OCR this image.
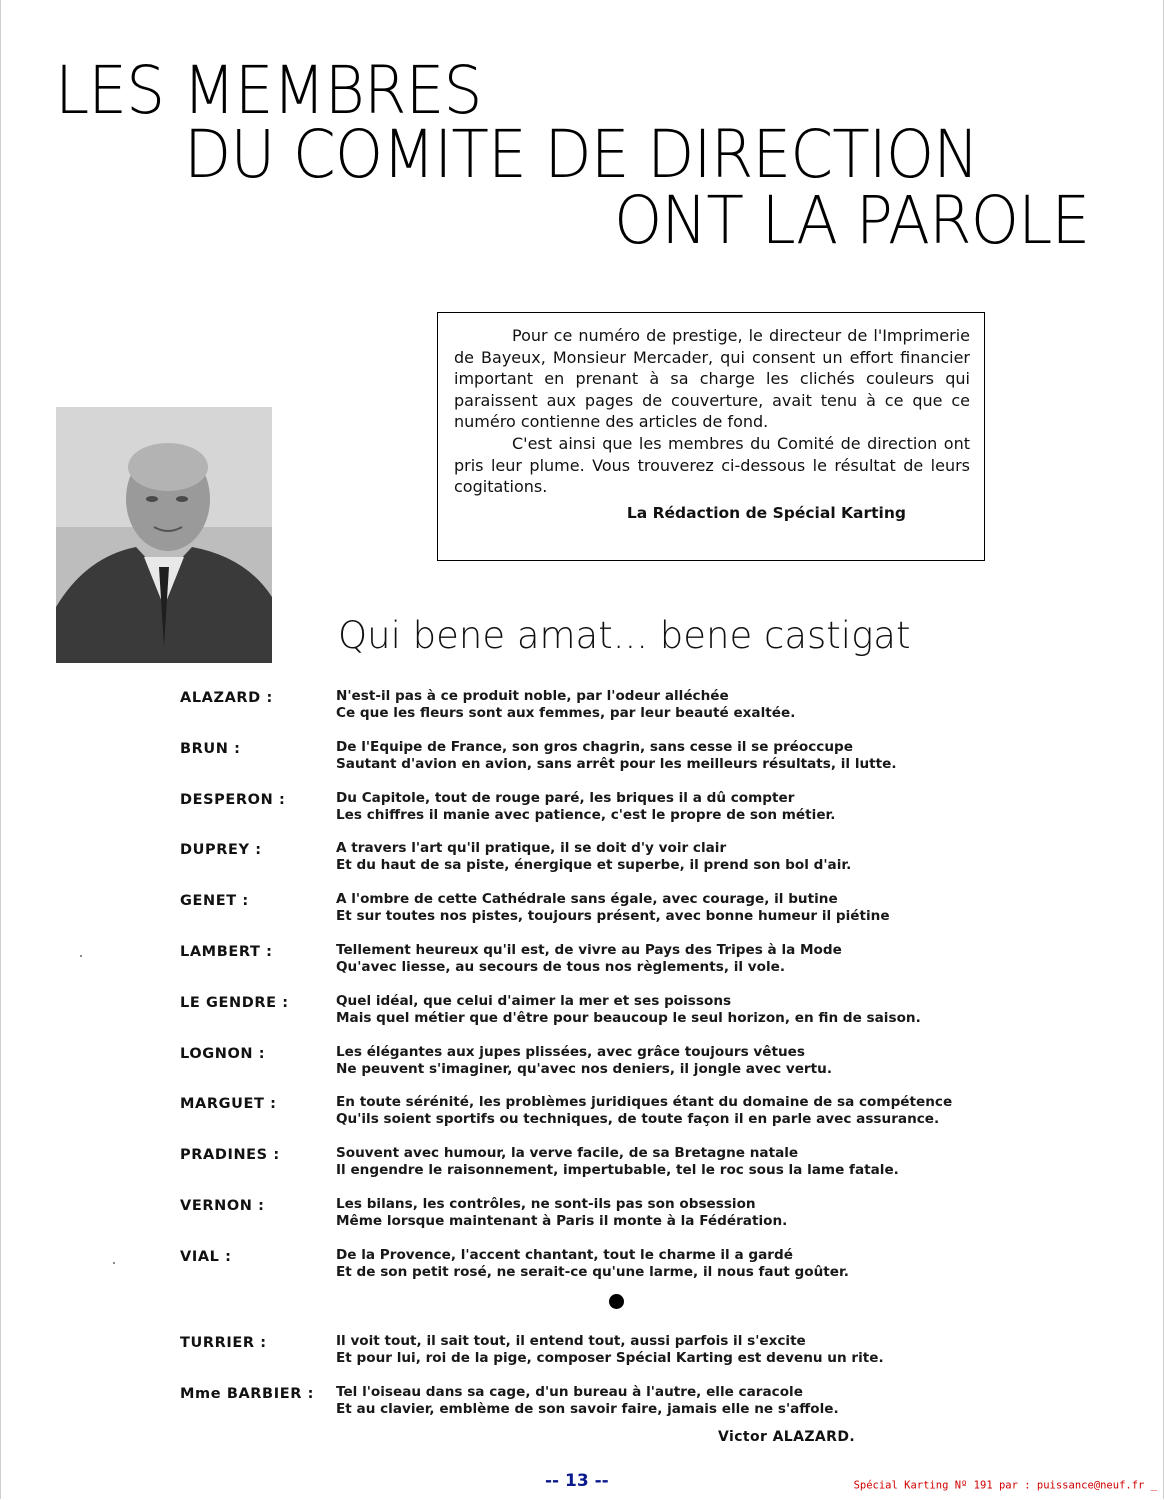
LES MEMBRES
DU COMITE DE DIRECTION
ONT LA PAROLE

Pour ce numéro de prestige, le directeur de l'Imprimerie de Bayeux, Monsieur Mercader, qui consent un effort financier important en prenant à sa charge les clichés couleurs qui paraissent aux pages de couverture, avait tenu à ce que ce numéro contienne des articles de fond.

C'est ainsi que les membres du Comité de direction ont pris leur plume. Vous trouverez ci-dessous le résultat de leurs cogitations.

La Rédaction de Spécial Karting
Qui bene amat... bene castigat
ALAZARD :	N'est-il pas à ce produit noble, par l'odeur alléchée
Ce que les fleurs sont aux femmes, par leur beauté exaltée.
BRUN :	De l'Equipe de France, son gros chagrin, sans cesse il se préoccupe
Sautant d'avion en avion, sans arrêt pour les meilleurs résultats, il lutte.
DESPERON :	Du Capitole, tout de rouge paré, les briques il a dû compter
Les chiffres il manie avec patience, c'est le propre de son métier.
DUPREY :	A travers l'art qu'il pratique, il se doit d'y voir clair
Et du haut de sa piste, énergique et superbe, il prend son bol d'air.
GENET :	A l'ombre de cette Cathédrale sans égale, avec courage, il butine
Et sur toutes nos pistes, toujours présent, avec bonne humeur il piétine
LAMBERT :	Tellement heureux qu'il est, de vivre au Pays des Tripes à la Mode
Qu'avec liesse, au secours de tous nos règlements, il vole.
LE GENDRE :	Quel idéal, que celui d'aimer la mer et ses poissons
Mais quel métier que d'être pour beaucoup le seul horizon, en fin de saison.
LOGNON :	Les élégantes aux jupes plissées, avec grâce toujours vêtues
Ne peuvent s'imaginer, qu'avec nos deniers, il jongle avec vertu.
MARGUET :	En toute sérénité, les problèmes juridiques étant du domaine de sa compétence
Qu'ils soient sportifs ou techniques, de toute façon il en parle avec assurance.
PRADINES :	Souvent avec humour, la verve facile, de sa Bretagne natale
Il engendre le raisonnement, impertubable, tel le roc sous la lame fatale.
VERNON :	Les bilans, les contrôles, ne sont-ils pas son obsession
Même lorsque maintenant à Paris il monte à la Fédération.
VIAL :	De la Provence, l'accent chantant, tout le charme il a gardé
Et de son petit rosé, ne serait-ce qu'une larme, il nous faut goûter.
TURRIER :	Il voit tout, il sait tout, il entend tout, aussi parfois il s'excite
Et pour lui, roi de la pige, composer Spécial Karting est devenu un rite.
Mme BARBIER : Tel l'oiseau dans sa cage, d'un bureau à l'autre, elle caracole
Et au clavier, emblème de son savoir faire, jamais elle ne s'affole.
Victor ALAZARD.
-- 13 --	Spécial Karting Nº 191 par : puissance@neuf.fr _
